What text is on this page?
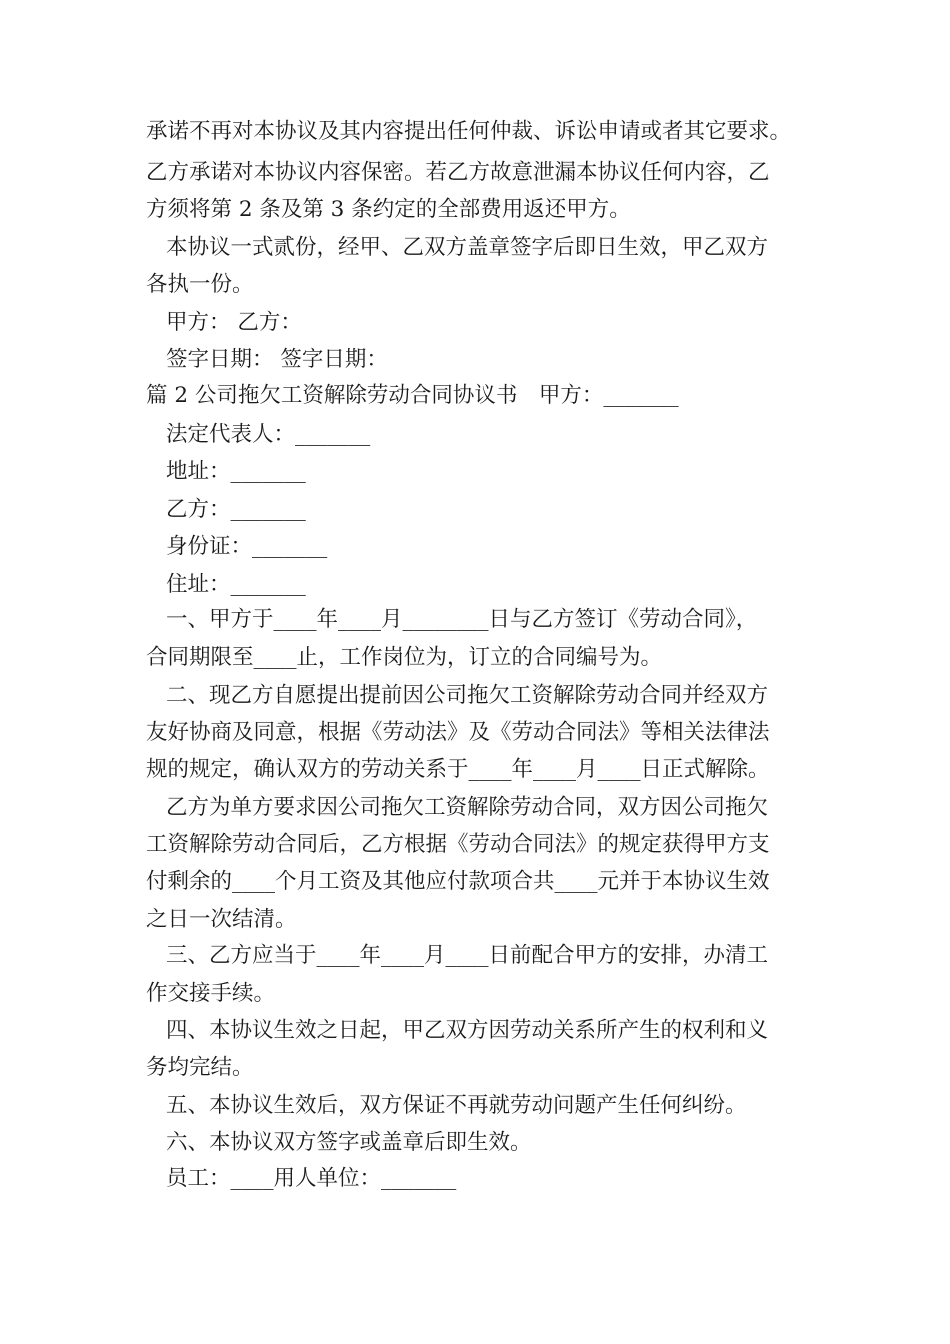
承诺不再对本协议及其内容提出任何仲裁、诉讼申请或者其它要求。
乙方承诺对本协议内容保密。若乙方故意泄漏本协议任何内容，乙
方须将第 2 条及第 3 条约定的全部费用返还甲方。
本协议一式贰份，经甲、乙双方盖章签字后即日生效，甲乙双方
各执一份。
甲方： 乙方：
签字日期： 签字日期：
篇 2 公司拖欠工资解除劳动合同协议书　甲方：_______
法定代表人：_______
地址：_______
乙方：_______
身份证：_______
住址：_______
一、甲方于____年____月________日与乙方签订《劳动合同》，
合同期限至____止，工作岗位为，订立的合同编号为。
二、现乙方自愿提出提前因公司拖欠工资解除劳动合同并经双方
友好协商及同意，根据《劳动法》及《劳动合同法》等相关法律法
规的规定，确认双方的劳动关系于____年____月____日正式解除。
乙方为单方要求因公司拖欠工资解除劳动合同，双方因公司拖欠
工资解除劳动合同后，乙方根据《劳动合同法》的规定获得甲方支
付剩余的____个月工资及其他应付款项合共____元并于本协议生效
之日一次结清。
三、乙方应当于____年____月____日前配合甲方的安排，办清工
作交接手续。
四、本协议生效之日起，甲乙双方因劳动关系所产生的权利和义
务均完结。
五、本协议生效后，双方保证不再就劳动问题产生任何纠纷。
六、本协议双方签字或盖章后即生效。
员工：____用人单位：_______
